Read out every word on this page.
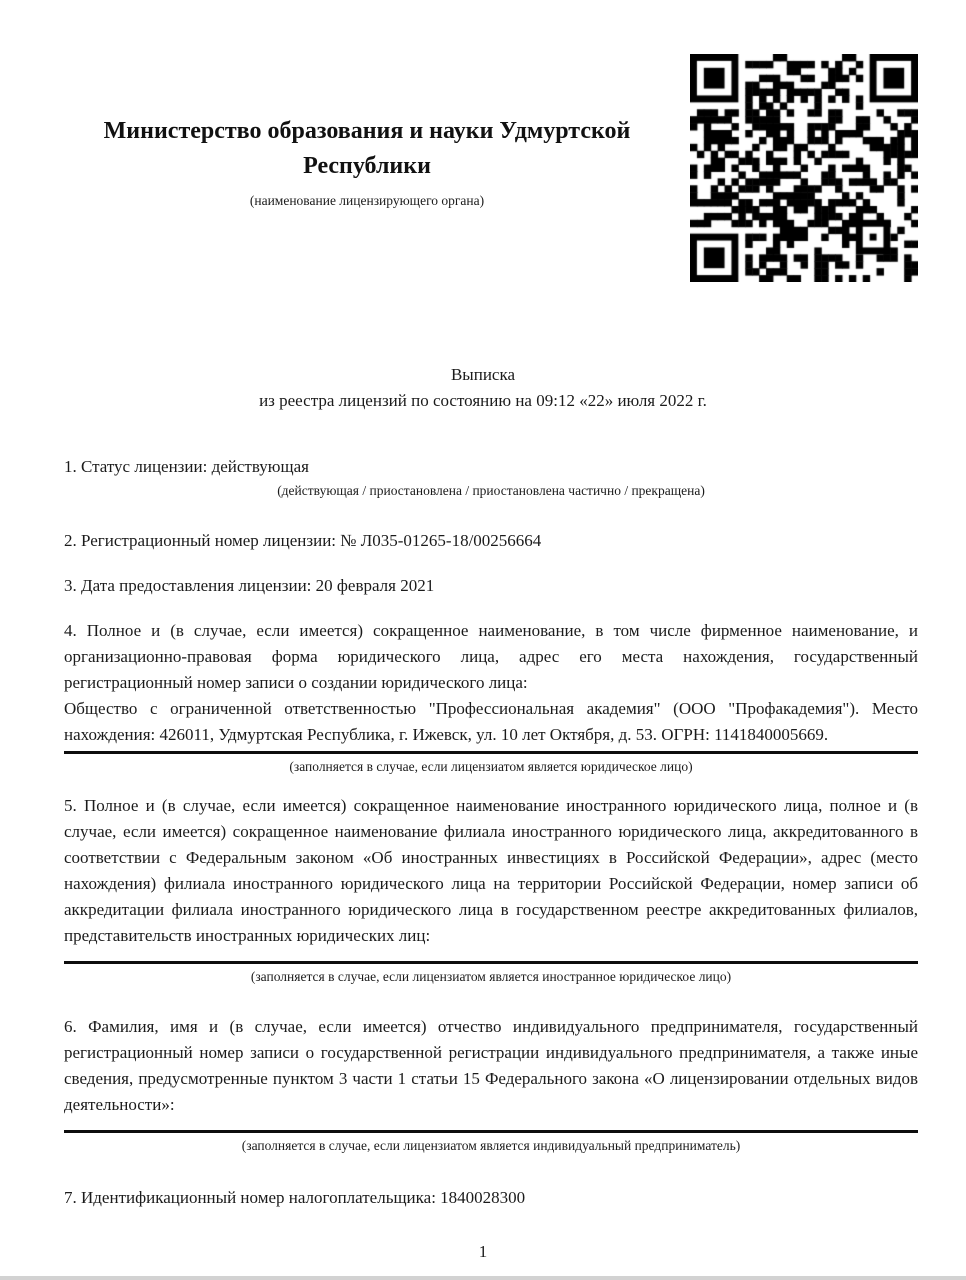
Министерство образования и науки Удмуртской Республики
(наименование лицензирующего органа)
Выписка
из реестра лицензий по состоянию на 09:12 «22» июля 2022 г.
1. Статус лицензии: действующая
(действующая / приостановлена / приостановлена частично / прекращена)
2. Регистрационный номер лицензии: № Л035-01265-18/00256664
3. Дата предоставления лицензии: 20 февраля 2021

4. Полное и (в случае, если имеется) сокращенное наименование, в том числе фирменное наименование, и организационно-правовая форма юридического лица, адрес его места нахождения, государственный регистрационный номер записи о создании юридического лица:

Общество с ограниченной ответственностью "Профессиональная академия" (ООО "Профакадемия"). Место нахождения: 426011, Удмуртская Республика, г. Ижевск, ул. 10 лет Октября, д. 53. ОГРН: 1141840005669.

(заполняется в случае, если лицензиатом является юридическое лицо)

5. Полное и (в случае, если имеется) сокращенное наименование иностранного юридического лица, полное и (в случае, если имеется) сокращенное наименование филиала иностранного юридического лица, аккредитованного в соответствии с Федеральным законом «Об иностранных инвестициях в Российской Федерации», адрес (место нахождения) филиала иностранного юридического лица на территории Российской Федерации, номер записи об аккредитации филиала иностранного юридического лица в государственном реестре аккредитованных филиалов, представительств иностранных юридических лиц:

(заполняется в случае, если лицензиатом является иностранное юридическое лицо)

6. Фамилия, имя и (в случае, если имеется) отчество индивидуального предпринимателя, государственный регистрационный номер записи о государственной регистрации индивидуального предпринимателя, а также иные сведения, предусмотренные пунктом 3 части 1 статьи 15 Федерального закона «О лицензировании отдельных видов деятельности»:

(заполняется в случае, если лицензиатом является индивидуальный предприниматель)
7. Идентификационный номер налогоплательщика: 1840028300
1
